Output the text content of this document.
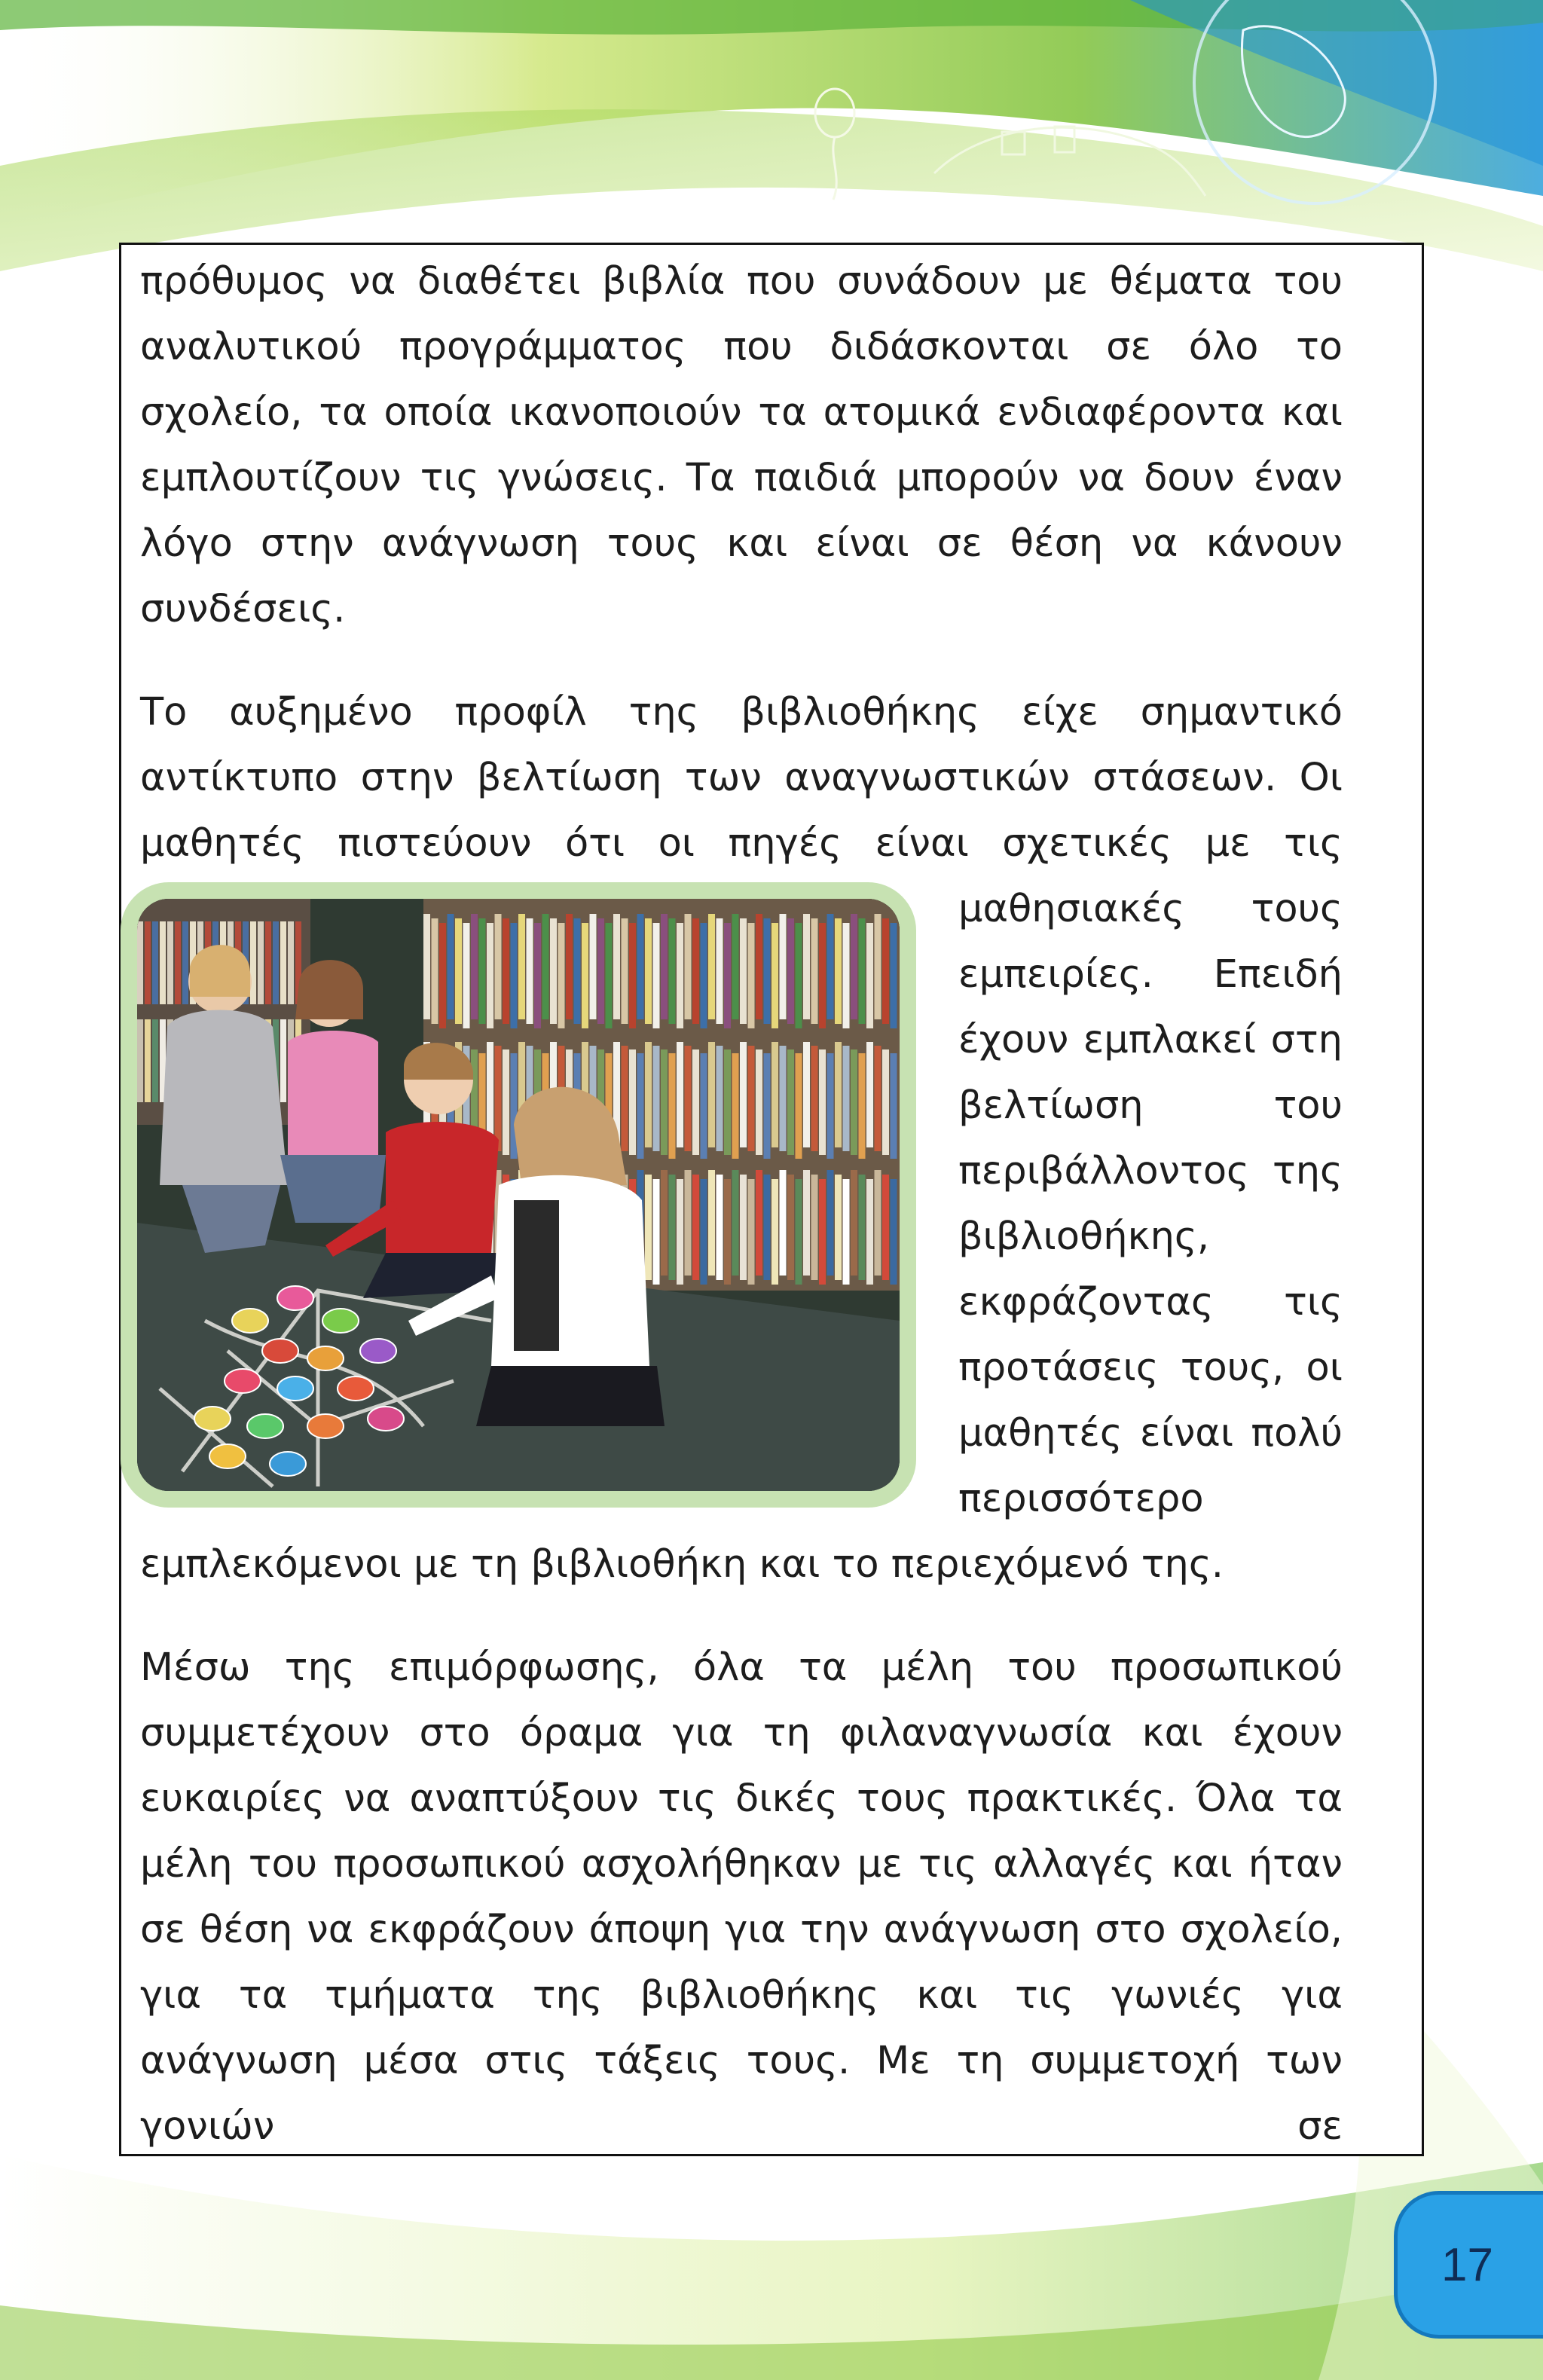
πρόθυμος να διαθέτει βιβλία που συνάδουν με θέματα του αναλυτικού προγράμματος που διδάσκονται σε όλο το σχολείο, τα οποία ικανοποιούν τα ατομικά ενδιαφέροντα και εμπλουτίζουν τις γνώσεις. Τα παιδιά μπορούν να δουν έναν λόγο στην ανάγνωση τους και είναι σε θέση να κάνουν συνδέσεις.

Το αυξημένο προφίλ της βιβλιοθήκης είχε σημαντικό αντίκτυπο στην βελτίωση των αναγνωστικών στάσεων. Οι μαθητές πιστεύουν ότι οι πηγές είναι σχετικές με τις
μαθησιακές τους εμπειρίες. Επειδή έχουν εμπλακεί στη βελτίωση του περιβάλλοντος της βιβλιοθήκης, εκφράζοντας τις προτάσεις τους, οι μαθητές είναι πολύ περισσότερο εμπλεκόμενοι με τη βιβλιοθήκη και το περιεχόμενό της.

Μέσω της επιμόρφωσης, όλα τα μέλη του προσωπικού συμμετέχουν στο όραμα για τη φιλαναγνωσία και έχουν ευκαιρίες να αναπτύξουν τις δικές τους πρακτικές. Όλα τα μέλη του προσωπικού ασχολήθηκαν με τις αλλαγές και ήταν σε θέση να εκφράζουν άποψη για την ανάγνωση στο σχολείο, για τα τμήματα της βιβλιοθήκης και τις γωνιές για ανάγνωση μέσα στις τάξεις τους. Με τη συμμετοχή των γονιών σε

17
